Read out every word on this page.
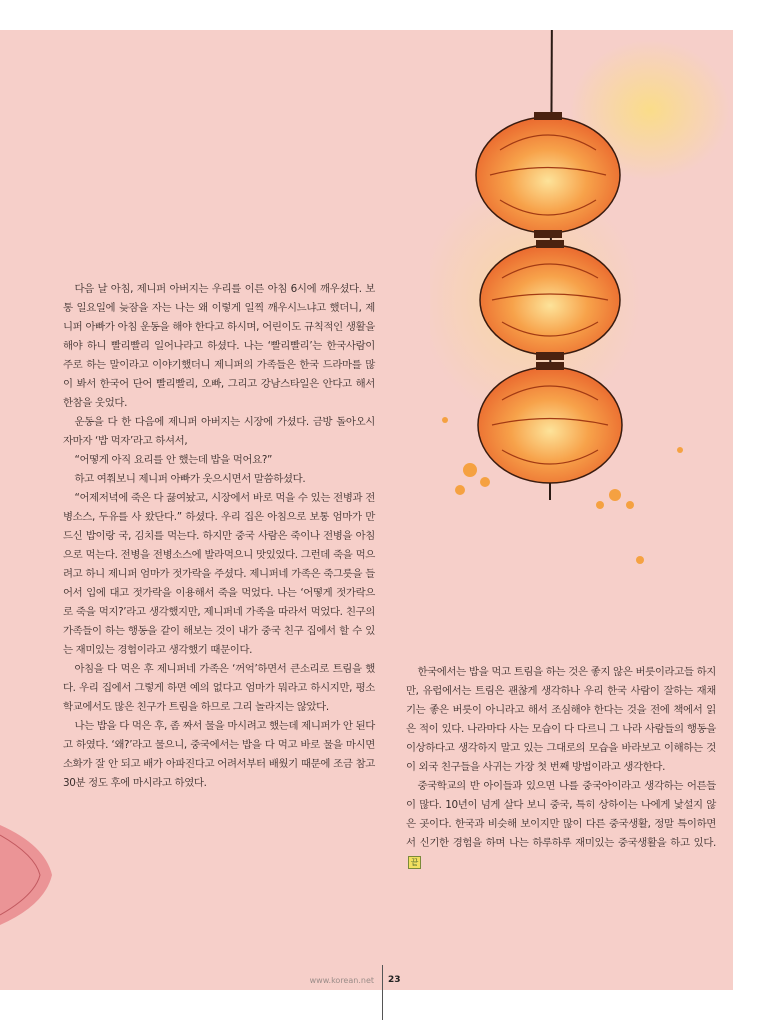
다음 날 아침, 제니퍼 아버지는 우리를 이른 아침 6시에 깨우셨다. 보통 일요일에 늦잠을 자는 나는 왜 이렇게 일찍 깨우시느냐고 했더니, 제니퍼 아빠가 아침 운동을 해야 한다고 하시며, 어린이도 규칙적인 생활을 해야 하니 빨리빨리 일어나라고 하셨다. 나는 ‘빨리빨리’는 한국사람이 주로 하는 말이라고 이야기했더니 제니퍼의 가족들은 한국 드라마를 많이 봐서 한국어 단어 빨리빨리, 오빠, 그리고 강남스타일은 안다고 해서 한참을 웃었다.

운동을 다 한 다음에 제니퍼 아버지는 시장에 가셨다. 금방 돌아오시자마자 ‘밥 먹자’라고 하셔서,

“어떻게 아직 요리를 안 했는데 밥을 먹어요?”

하고 여쭤보니 제니퍼 아빠가 웃으시면서 말씀하셨다.

“어제저녁에 죽은 다 끓여놨고, 시장에서 바로 먹을 수 있는 전병과 전병소스, 두유를 사 왔단다.” 하셨다. 우리 집은 아침으로 보통 엄마가 만드신 밥이랑 국, 김치를 먹는다. 하지만 중국 사람은 죽이나 전병을 아침으로 먹는다. 전병을 전병소스에 발라먹으니 맛있었다. 그런데 죽을 먹으려고 하니 제니퍼 엄마가 젓가락을 주셨다. 제니퍼네 가족은 죽그릇을 들어서 입에 대고 젓가락을 이용해서 죽을 먹었다. 나는 ‘어떻게 젓가락으로 죽을 먹지?’라고 생각했지만, 제니퍼네 가족을 따라서 먹었다. 친구의 가족들이 하는 행동을 같이 해보는 것이 내가 중국 친구 집에서 할 수 있는 재미있는 경험이라고 생각했기 때문이다.

아침을 다 먹은 후 제니퍼네 가족은 ‘꺼억’하면서 큰소리로 트림을 했다. 우리 집에서 그렇게 하면 예의 없다고 엄마가 뭐라고 하시지만, 평소 학교에서도 많은 친구가 트림을 하므로 그리 놀라지는 않았다.

나는 밥을 다 먹은 후, 좀 짜서 물을 마시려고 했는데 제니퍼가 안 된다고 하였다. ‘왜?’라고 물으니, 중국에서는 밥을 다 먹고 바로 물을 마시면 소화가 잘 안 되고 배가 아파진다고 어려서부터 배웠기 때문에 조금 참고 30분 정도 후에 마시라고 하였다.

한국에서는 밥을 먹고 트림을 하는 것은 좋지 않은 버릇이라고들 하지만, 유럽에서는 트림은 괜찮게 생각하나 우리 한국 사람이 잘하는 재채기는 좋은 버릇이 아니라고 해서 조심해야 한다는 것을 전에 책에서 읽은 적이 있다. 나라마다 사는 모습이 다 다르니 그 나라 사람들의 행동을 이상하다고 생각하지 말고 있는 그대로의 모습을 바라보고 이해하는 것이 외국 친구들을 사귀는 가장 첫 번째 방법이라고 생각한다.

중국학교의 반 아이들과 있으면 나를 중국아이라고 생각하는 어른들이 많다. 10년이 넘게 살다 보니 중국, 특히 상하이는 나에게 낯설지 않은 곳이다. 한국과 비슷해 보이지만 많이 다른 중국생활, 정말 특이하면서 신기한 경험을 하며 나는 하루하루 재미있는 중국생활을 하고 있다. 끝

www.korean.net 23
